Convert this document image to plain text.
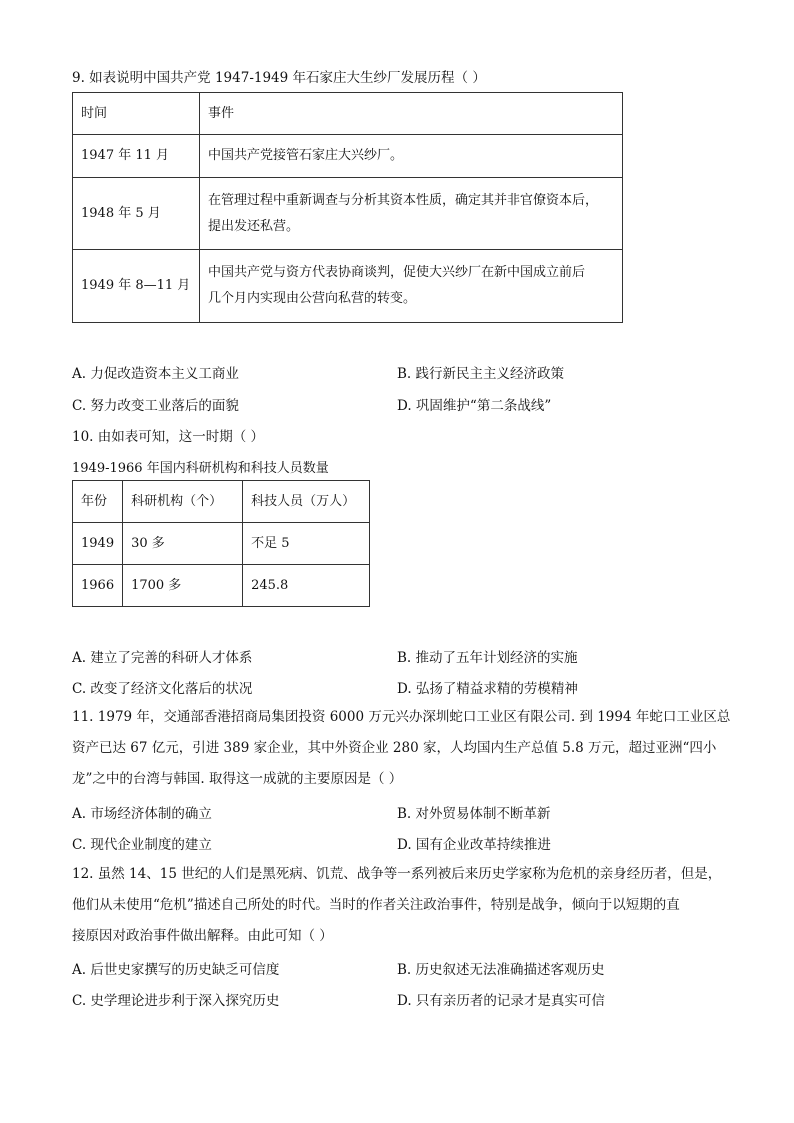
9. 如表说明中国共产党 1947-1949 年石家庄大生纱厂发展历程（ ）
时间	事件
1947 年 11 月	中国共产党接管石家庄大兴纱厂。
1948 年 5 月	在管理过程中重新调查与分析其资本性质，确定其并非官僚资本后，
提出发还私营。

1949 年 8—11 月	中国共产党与资方代表协商谈判，促使大兴纱厂在新中国成立前后
几个月内实现由公营向私营的转变。
A. 力促改造资本主义工商业	B. 践行新民主主义经济政策
C. 努力改变工业落后的面貌	D. 巩固维护“第二条战线”
10. 由如表可知，这一时期（ ）
1949-1966 年国内科研机构和科技人员数量
年份	科研机构（个）	科技人员（万人）
1949	30 多	不足 5
1966	1700 多	245.8
A. 建立了完善的科研人才体系	B. 推动了五年计划经济的实施
C. 改变了经济文化落后的状况	D. 弘扬了精益求精的劳模精神
11. 1979 年，交通部香港招商局集团投资 6000 万元兴办深圳蛇口工业区有限公司. 到 1994 年蛇口工业区总
资产已达 67 亿元，引进 389 家企业，其中外资企业 280 家，人均国内生产总值 5.8 万元，超过亚洲“四小
龙”之中的台湾与韩国. 取得这一成就的主要原因是（ ）
A. 市场经济体制的确立	B. 对外贸易体制不断革新
C. 现代企业制度的建立	D. 国有企业改革持续推进
12. 虽然 14、15 世纪的人们是黑死病、饥荒、战争等一系列被后来历史学家称为危机的亲身经历者，但是，
他们从未使用“危机”描述自己所处的时代。当时的作者关注政治事件，特别是战争，倾向于以短期的直
接原因对政治事件做出解释。由此可知（ ）
A. 后世史家撰写的历史缺乏可信度	B. 历史叙述无法准确描述客观历史
C. 史学理论进步利于深入探究历史	D. 只有亲历者的记录才是真实可信
